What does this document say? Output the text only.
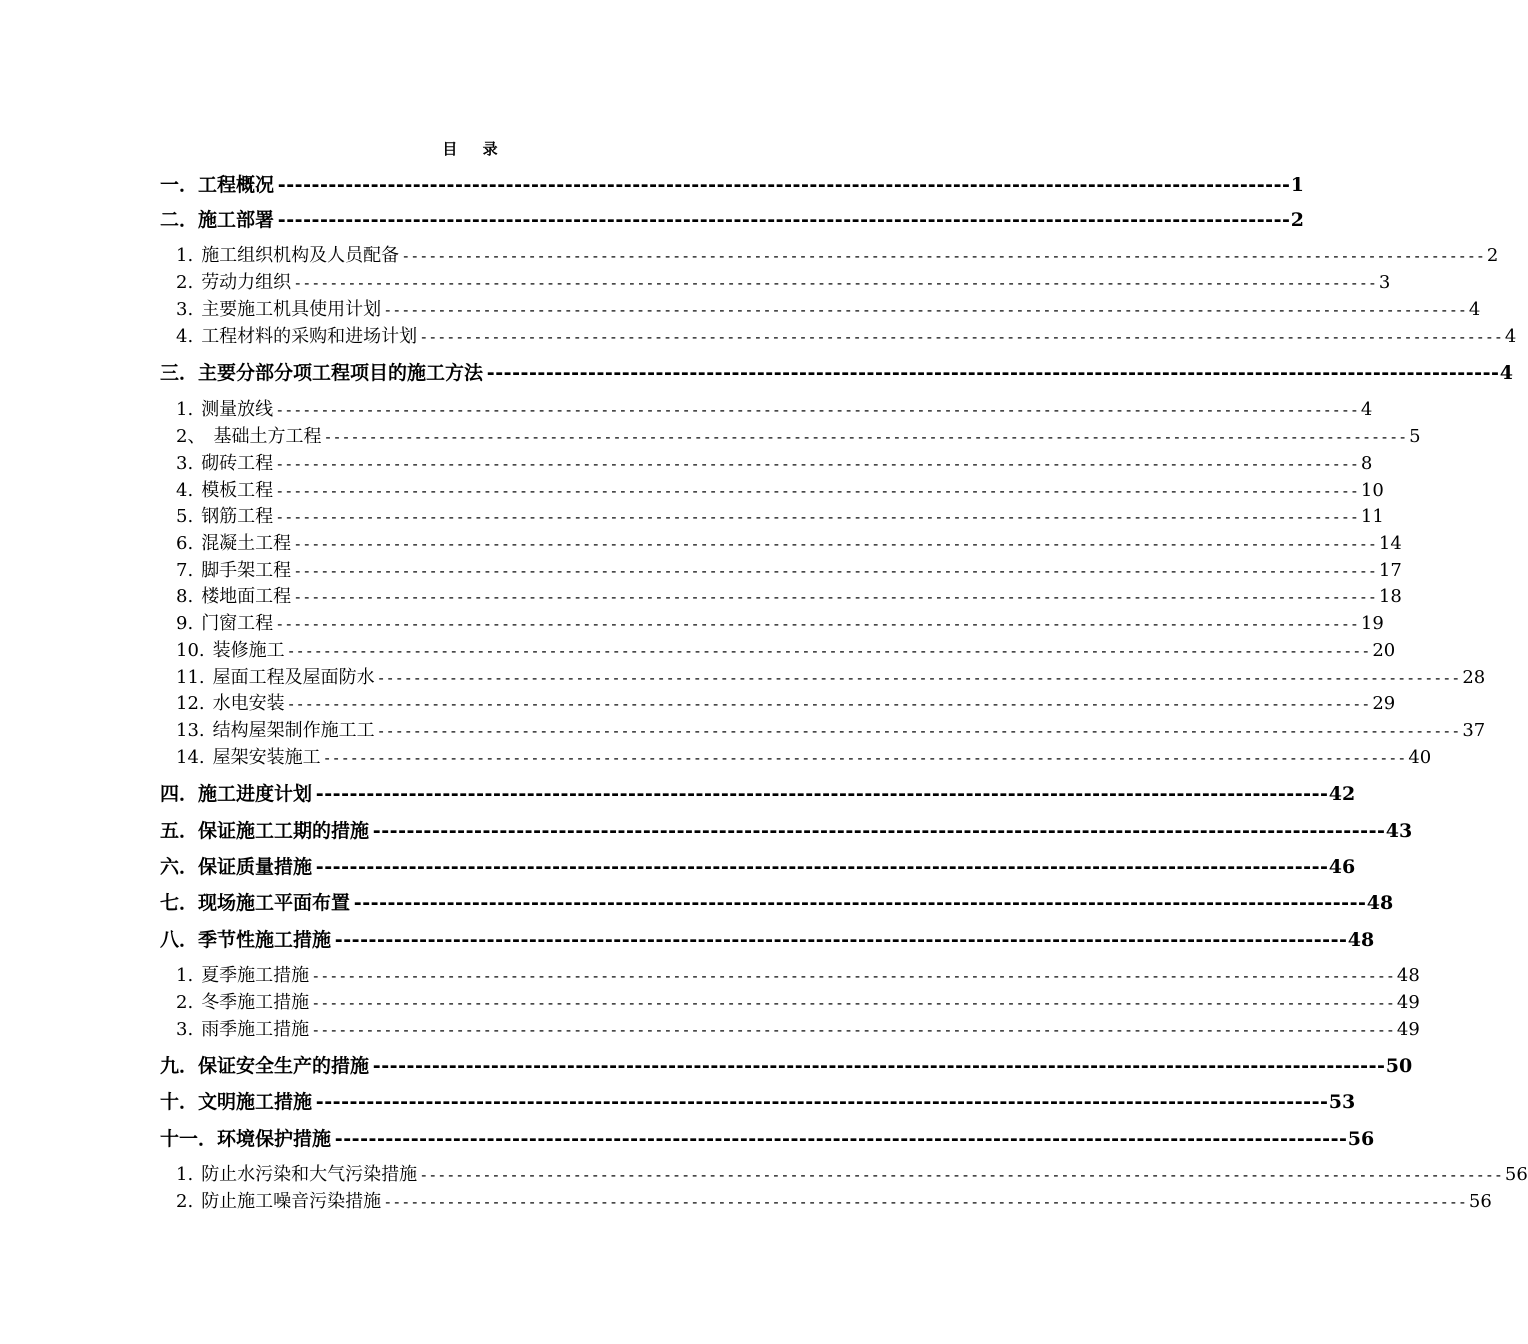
目 录
一． 工程概况 ------------------------------------------------------------------------------------------------------------------------ 1
二． 施工部署 ------------------------------------------------------------------------------------------------------------------------ 2
1. 施工组织机构及人员配备 ------------------------------------------------------------------------------------------------------------------------ 2
2. 劳动力组织 ------------------------------------------------------------------------------------------------------------------------ 3
3. 主要施工机具使用计划 ------------------------------------------------------------------------------------------------------------------------ 4
4. 工程材料的采购和进场计划 ------------------------------------------------------------------------------------------------------------------------ 4
三． 主要分部分项工程项目的施工方法 ------------------------------------------------------------------------------------------------------------------------ 4
1. 测量放线 ------------------------------------------------------------------------------------------------------------------------ 4
2、 基础土方工程 ------------------------------------------------------------------------------------------------------------------------ 5
3. 砌砖工程 ------------------------------------------------------------------------------------------------------------------------ 8
4. 模板工程 ------------------------------------------------------------------------------------------------------------------------ 10
5. 钢筋工程 ------------------------------------------------------------------------------------------------------------------------ 11
6. 混凝土工程 ------------------------------------------------------------------------------------------------------------------------ 14
7. 脚手架工程 ------------------------------------------------------------------------------------------------------------------------ 17
8. 楼地面工程 ------------------------------------------------------------------------------------------------------------------------ 18
9. 门窗工程 ------------------------------------------------------------------------------------------------------------------------ 19
10. 装修施工 ------------------------------------------------------------------------------------------------------------------------ 20
11. 屋面工程及屋面防水 ------------------------------------------------------------------------------------------------------------------------ 28
12. 水电安装 ------------------------------------------------------------------------------------------------------------------------ 29
13. 结构屋架制作施工工 ------------------------------------------------------------------------------------------------------------------------ 37
14. 屋架安装施工 ------------------------------------------------------------------------------------------------------------------------ 40
四． 施工进度计划 ------------------------------------------------------------------------------------------------------------------------ 42
五． 保证施工工期的措施 ------------------------------------------------------------------------------------------------------------------------ 43
六． 保证质量措施 ------------------------------------------------------------------------------------------------------------------------ 46
七． 现场施工平面布置 ------------------------------------------------------------------------------------------------------------------------ 48
八． 季节性施工措施 ------------------------------------------------------------------------------------------------------------------------ 48
1. 夏季施工措施 ------------------------------------------------------------------------------------------------------------------------ 48
2. 冬季施工措施 ------------------------------------------------------------------------------------------------------------------------ 49
3. 雨季施工措施 ------------------------------------------------------------------------------------------------------------------------ 49
九． 保证安全生产的措施 ------------------------------------------------------------------------------------------------------------------------ 50
十． 文明施工措施 ------------------------------------------------------------------------------------------------------------------------ 53
十一． 环境保护措施 ------------------------------------------------------------------------------------------------------------------------ 56
1. 防止水污染和大气污染措施 ------------------------------------------------------------------------------------------------------------------------ 56
2. 防止施工噪音污染措施 ------------------------------------------------------------------------------------------------------------------------ 56
